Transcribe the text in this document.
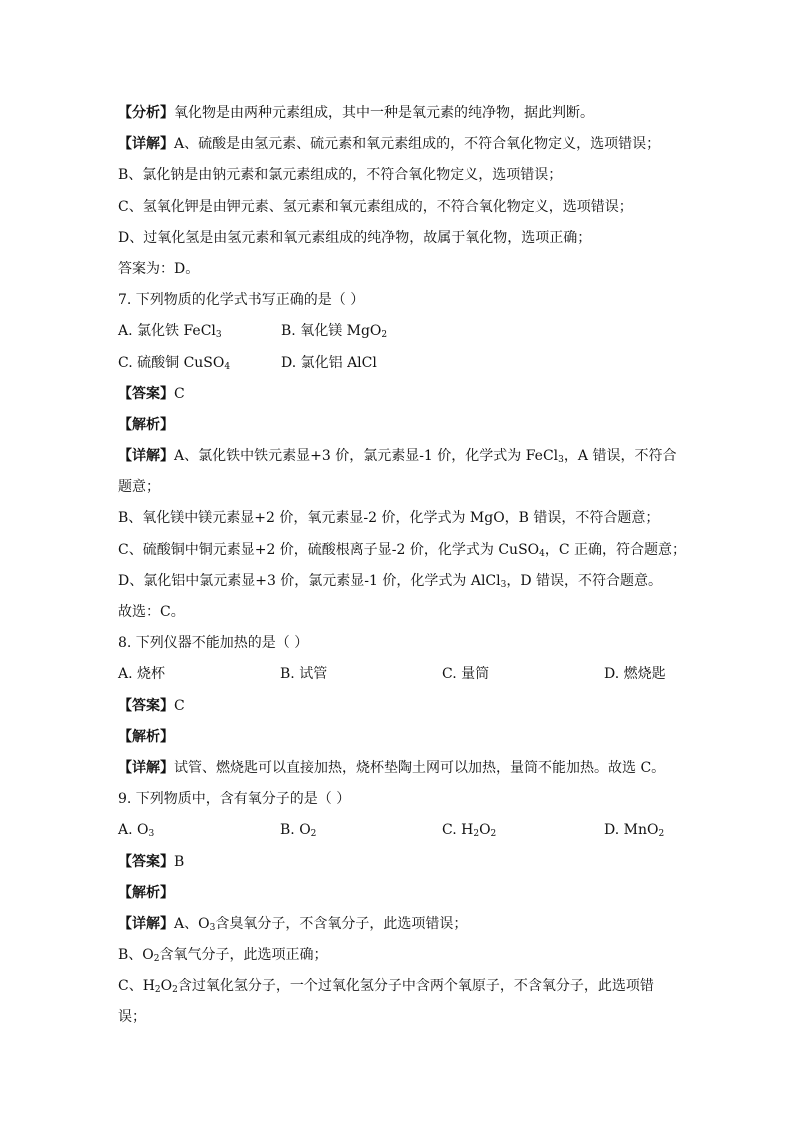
【分析】氧化物是由两种元素组成，其中一种是氧元素的纯净物，据此判断。
【详解】A、硫酸是由氢元素、硫元素和氧元素组成的，不符合氧化物定义，选项错误；
B、氯化钠是由钠元素和氯元素组成的，不符合氧化物定义，选项错误；
C、氢氧化钾是由钾元素、氢元素和氧元素组成的，不符合氧化物定义，选项错误；
D、过氧化氢是由氢元素和氧元素组成的纯净物，故属于氧化物，选项正确；
答案为：D。
7. 下列物质的化学式书写正确的是（ ）
A. 氯化铁 FeCl$_3$	B. 氧化镁 MgO$_2$
C. 硫酸铜 CuSO$_4$	D. 氯化铝 AlCl
【答案】C
【解析】
【详解】A、氯化铁中铁元素显+3 价，氯元素显-1 价，化学式为 FeCl$_3$，A 错误，不符合
题意；
B、氧化镁中镁元素显+2 价，氧元素显-2 价，化学式为 MgO，B 错误，不符合题意；
C、硫酸铜中铜元素显+2 价，硫酸根离子显-2 价，化学式为 CuSO$_4$，C 正确，符合题意；
D、氯化铝中氯元素显+3 价，氯元素显-1 价，化学式为 AlCl$_3$，D 错误，不符合题意。
故选：C。
8. 下列仪器不能加热的是（ ）
A. 烧杯	B. 试管	C. 量筒	D. 燃烧匙
【答案】C
【解析】
【详解】试管、燃烧匙可以直接加热，烧杯垫陶土网可以加热，量筒不能加热。故选 C。
9. 下列物质中，含有氧分子的是（ ）
A. $O_3$	B. $O_2$	C. $H_2O_2$	D. MnO$_2$
【答案】B
【解析】
【详解】A、$O_3$含臭氧分子，不含氧分子，此选项错误；
B、$O_2$含氧气分子，此选项正确；
C、$H_2O_2$含过氧化氢分子，一个过氧化氢分子中含两个氧原子，不含氧分子，此选项错
误；
